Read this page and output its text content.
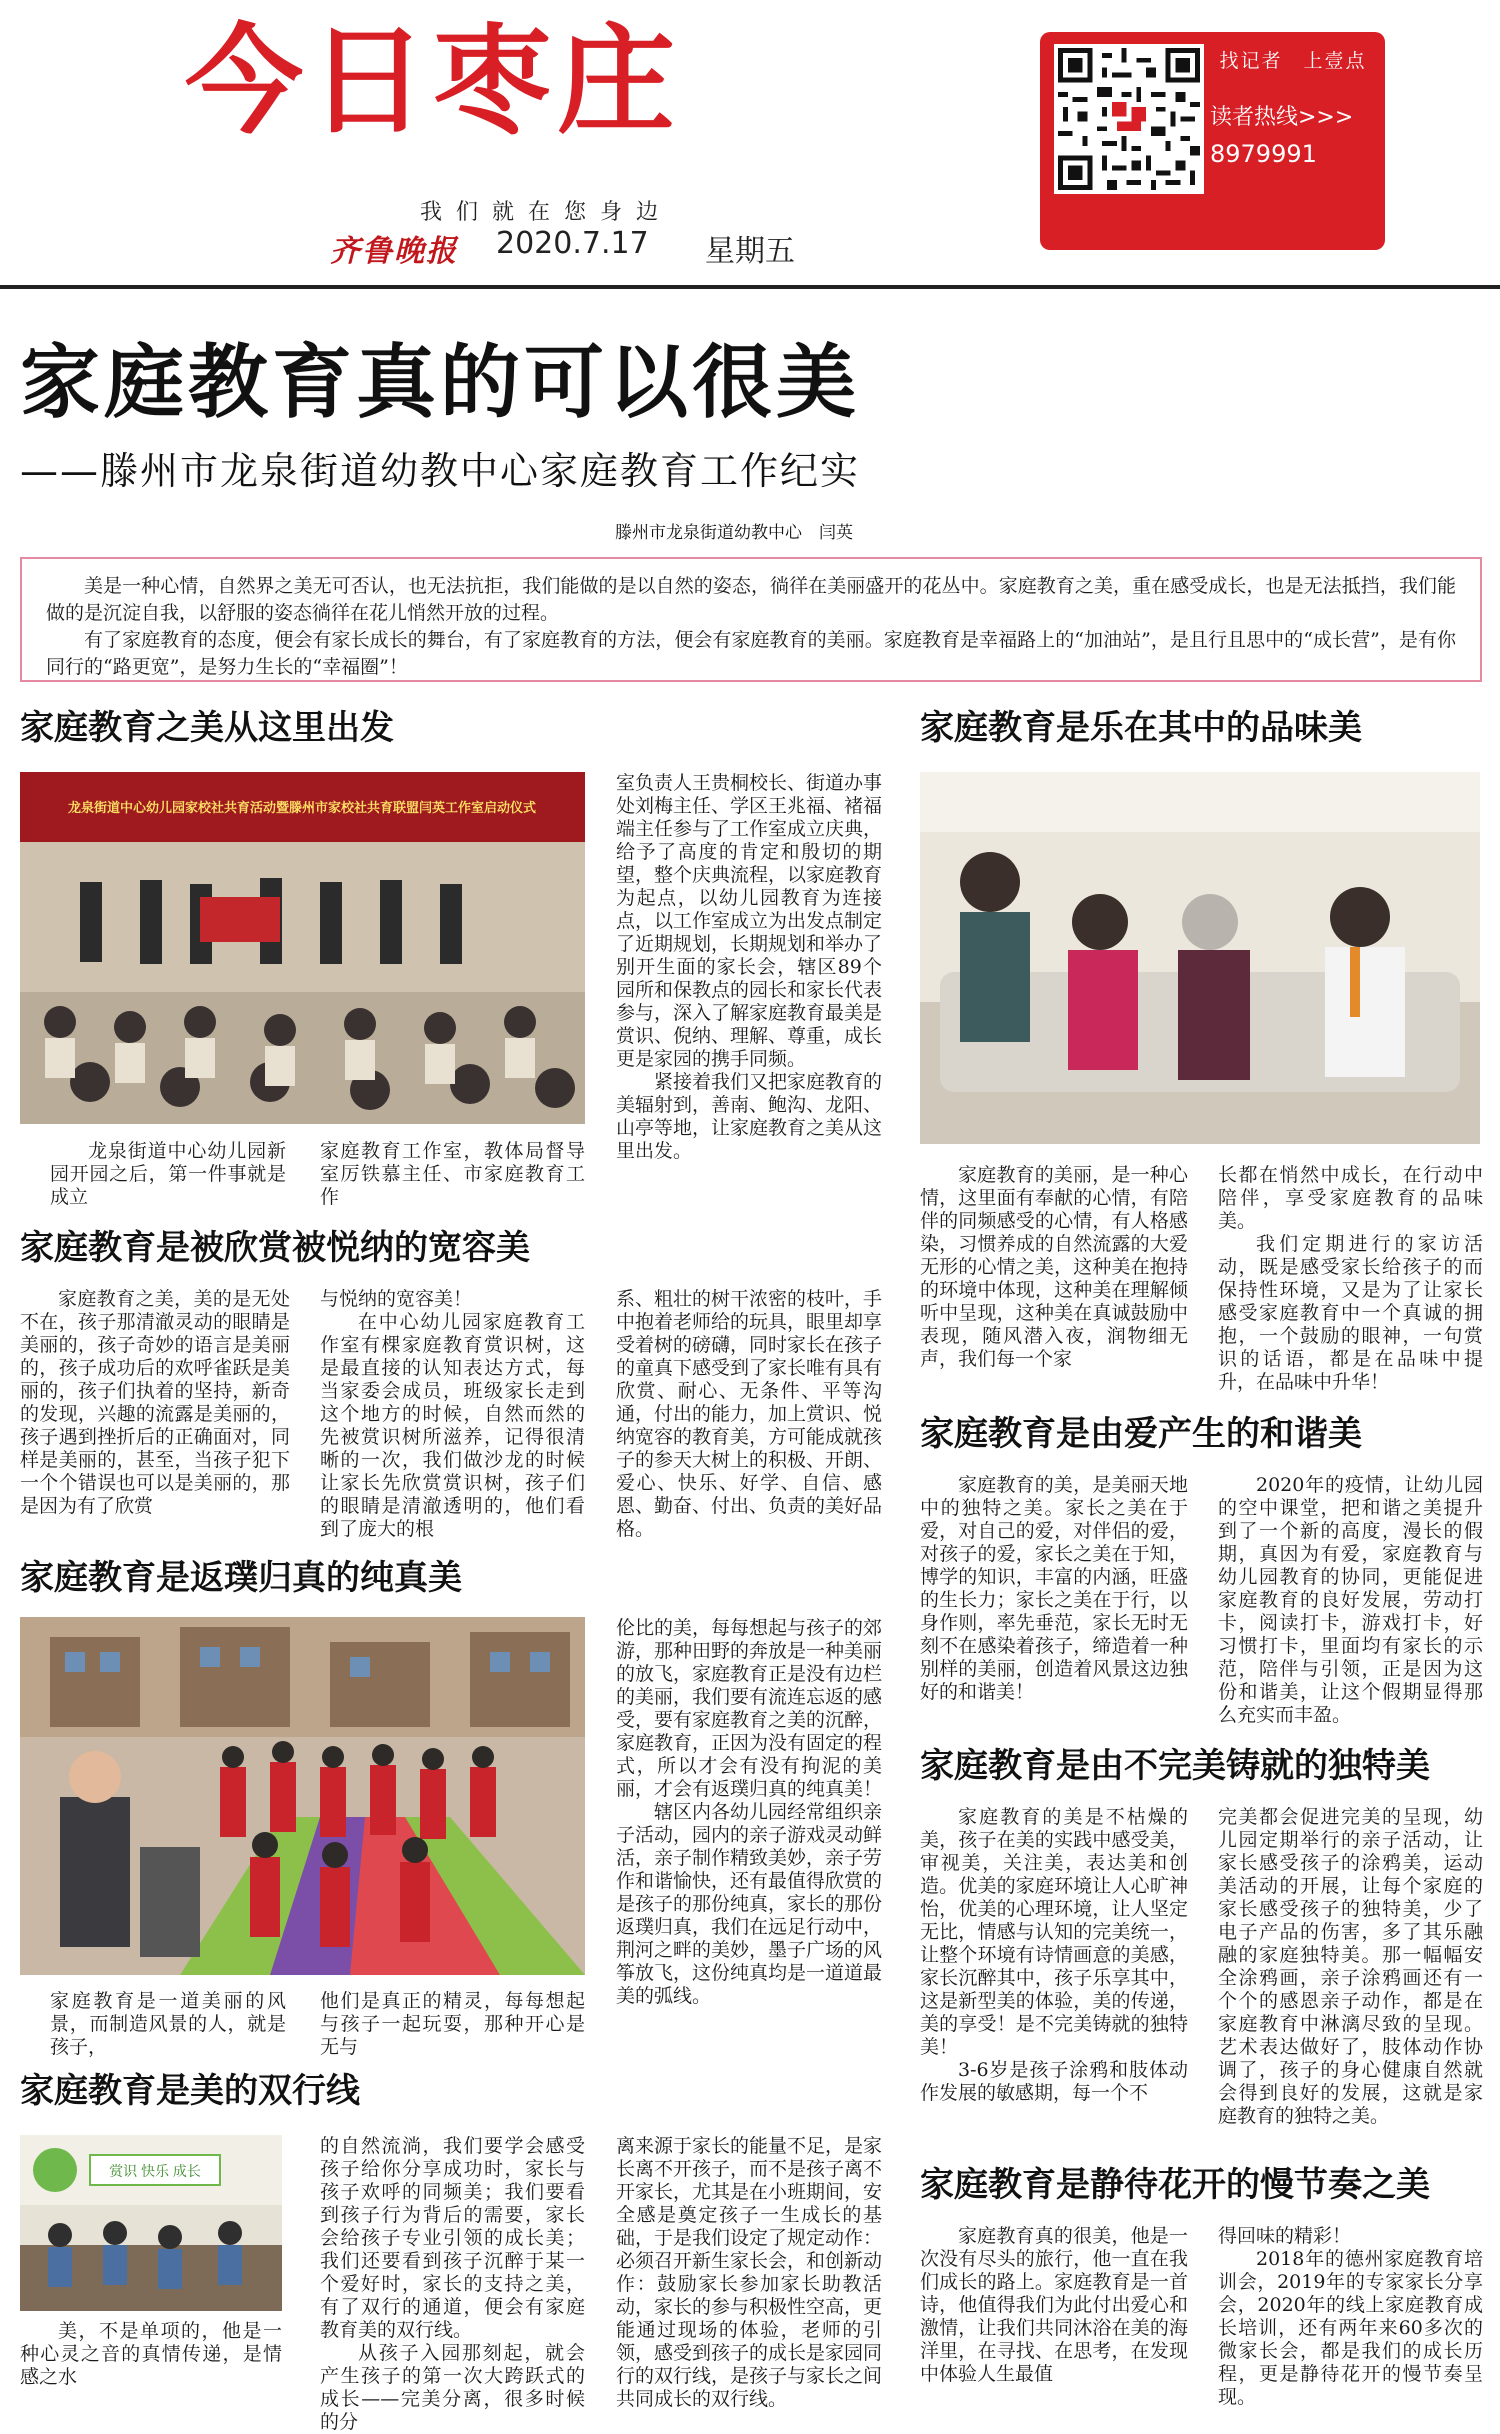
今日枣庄
我们就在您身边
齐鲁晚报 2020.7.17 星期五
找记者　上壹点
读者热线>>>
8979991
家庭教育真的可以很美
——滕州市龙泉街道幼教中心家庭教育工作纪实
滕州市龙泉街道幼教中心　闫英

美是一种心情，自然界之美无可否认，也无法抗拒，我们能做的是以自然的姿态，徜徉在美丽盛开的花丛中。家庭教育之美，重在感受成长，也是无法抵挡，我们能做的是沉淀自我，以舒服的姿态徜徉在花儿悄然开放的过程。

有了家庭教育的态度，便会有家长成长的舞台，有了家庭教育的方法，便会有家庭教育的美丽。家庭教育是幸福路上的“加油站”，是且行且思中的“成长营”，是有你同行的“路更宽”，是努力生长的“幸福圈”！

家庭教育之美从这里出发
龙泉街道中心幼儿园家校社共育活动暨滕州市家校社共育联盟闫英工作室启动仪式

龙泉街道中心幼儿园新园开园之后，第一件事就是成立

家庭教育工作室，教体局督导室厉铁慕主任、市家庭教育工作

室负责人王贵桐校长、街道办事处刘梅主任、学区王兆福、褚福端主任参与了工作室成立庆典，给予了高度的肯定和殷切的期望，整个庆典流程，以家庭教育为起点，以幼儿园教育为连接点，以工作室成立为出发点制定了近期规划，长期规划和举办了别开生面的家长会，辖区89个园所和保教点的园长和家长代表参与，深入了解家庭教育最美是赏识、倪纳、理解、尊重，成长更是家园的携手同频。

紧接着我们又把家庭教育的美辐射到，善南、鲍沟、龙阳、山亭等地，让家庭教育之美从这里出发。

家庭教育是被欣赏被悦纳的宽容美

家庭教育之美，美的是无处不在，孩子那清澈灵动的眼睛是美丽的，孩子奇妙的语言是美丽的，孩子成功后的欢呼雀跃是美丽的，孩子们执着的坚持，新奇的发现，兴趣的流露是美丽的，孩子遇到挫折后的正确面对，同样是美丽的，甚至，当孩子犯下一个个错误也可以是美丽的，那是因为有了欣赏

与悦纳的宽容美！

在中心幼儿园家庭教育工作室有棵家庭教育赏识树，这是最直接的认知表达方式，每当家委会成员，班级家长走到这个地方的时候，自然而然的先被赏识树所滋养，记得很清晰的一次，我们做沙龙的时候让家长先欣赏赏识树，孩子们的眼睛是清澈透明的，他们看到了庞大的根

系、粗壮的树干浓密的枝叶，手中抱着老师给的玩具，眼里却享受着树的磅礴，同时家长在孩子的童真下感受到了家长唯有具有欣赏、耐心、无条件、平等沟通，付出的能力，加上赏识、悦纳宽容的教育美，方可能成就孩子的参天大树上的积极、开朗、爱心、快乐、好学、自信、感恩、勤奋、付出、负责的美好品格。

家庭教育是返璞归真的纯真美

家庭教育是一道美丽的风景，而制造风景的人，就是孩子，

他们是真正的精灵，每每想起与孩子一起玩耍，那种开心是无与

伦比的美，每每想起与孩子的郊游，那种田野的奔放是一种美丽的放飞，家庭教育正是没有边栏的美丽，我们要有流连忘返的感受，要有家庭教育之美的沉醉，家庭教育，正因为没有固定的程式，所以才会有没有拘泥的美丽，才会有返璞归真的纯真美！

辖区内各幼儿园经常组织亲子活动，园内的亲子游戏灵动鲜活，亲子制作精致美妙，亲子劳作和谐愉快，还有最值得欣赏的是孩子的那份纯真，家长的那份返璞归真，我们在远足行动中，荆河之畔的美妙，墨子广场的风筝放飞，这份纯真均是一道道最美的弧线。

家庭教育是美的双行线
赏识 快乐 成长

美，不是单项的，他是一种心灵之音的真情传递，是情感之水

的自然流淌，我们要学会感受孩子给你分享成功时，家长与孩子欢呼的同频美；我们要看到孩子行为背后的需要，家长会给孩子专业引领的成长美；我们还要看到孩子沉醉于某一个爱好时，家长的支持之美，有了双行的通道，便会有家庭教育美的双行线。

从孩子入园那刻起，就会产生孩子的第一次大跨跃式的成长——完美分离，很多时候的分

离来源于家长的能量不足，是家长离不开孩子，而不是孩子离不开家长，尤其是在小班期间，安全感是奠定孩子一生成长的基础，于是我们设定了规定动作：必须召开新生家长会，和创新动作：鼓励家长参加家长助教活动，家长的参与积极性空高，更能通过现场的体验，老师的引领，感受到孩子的成长是家园同行的双行线，是孩子与家长之间共同成长的双行线。

家庭教育是乐在其中的品味美

家庭教育的美丽，是一种心情，这里面有奉献的心情，有陪伴的同频感受的心情，有人格感染，习惯养成的自然流露的大爱无形的心情之美，这种美在抱持的环境中体现，这种美在理解倾听中呈现，这种美在真诚鼓励中表现，随风潜入夜，润物细无声，我们每一个家

长都在悄然中成长，在行动中陪伴，享受家庭教育的品味美。

我们定期进行的家访活动，既是感受家长给孩子的而保持性环境，又是为了让家长感受家庭教育中一个真诚的拥抱，一个鼓励的眼神，一句赏识的话语，都是在品味中提升，在品味中升华！

家庭教育是由爱产生的和谐美

家庭教育的美，是美丽天地中的独特之美。家长之美在于爱，对自己的爱，对伴侣的爱，对孩子的爱，家长之美在于知，博学的知识，丰富的内涵，旺盛的生长力；家长之美在于行，以身作则，率先垂范，家长无时无刻不在感染着孩子，缔造着一种别样的美丽，创造着风景这边独好的和谐美！

2020年的疫情，让幼儿园的空中课堂，把和谐之美提升到了一个新的高度，漫长的假期，真因为有爱，家庭教育与幼儿园教育的协同，更能促进家庭教育的良好发展，劳动打卡，阅读打卡，游戏打卡，好习惯打卡，里面均有家长的示范，陪伴与引领，正是因为这份和谐美，让这个假期显得那么充实而丰盈。

家庭教育是由不完美铸就的独特美

家庭教育的美是不枯燥的美，孩子在美的实践中感受美，审视美，关注美，表达美和创造。优美的家庭环境让人心旷神怡，优美的心理环境，让人坚定无比，情感与认知的完美统一，让整个环境有诗情画意的美感，家长沉醉其中，孩子乐享其中，这是新型美的体验，美的传递，美的享受！是不完美铸就的独特美！

3-6岁是孩子涂鸦和肢体动作发展的敏感期，每一个不

完美都会促进完美的呈现，幼儿园定期举行的亲子活动，让家长感受孩子的涂鸦美，运动美活动的开展，让每个家庭的家长感受孩子的独特美，少了电子产品的伤害，多了其乐融融的家庭独特美。那一幅幅安全涂鸦画，亲子涂鸦画还有一个个的感恩亲子动作，都是在家庭教育中淋漓尽致的呈现。艺术表达做好了，肢体动作协调了，孩子的身心健康自然就会得到良好的发展，这就是家庭教育的独特之美。

家庭教育是静待花开的慢节奏之美

家庭教育真的很美，他是一次没有尽头的旅行，他一直在我们成长的路上。家庭教育是一首诗，他值得我们为此付出爱心和激情，让我们共同沐浴在美的海洋里，在寻找、在思考，在发现中体验人生最值

得回味的精彩！

2018年的德州家庭教育培训会，2019年的专家家长分享会，2020年的线上家庭教育成长培训，还有两年来60多次的微家长会，都是我们的成长历程，更是静待花开的慢节奏呈现。
